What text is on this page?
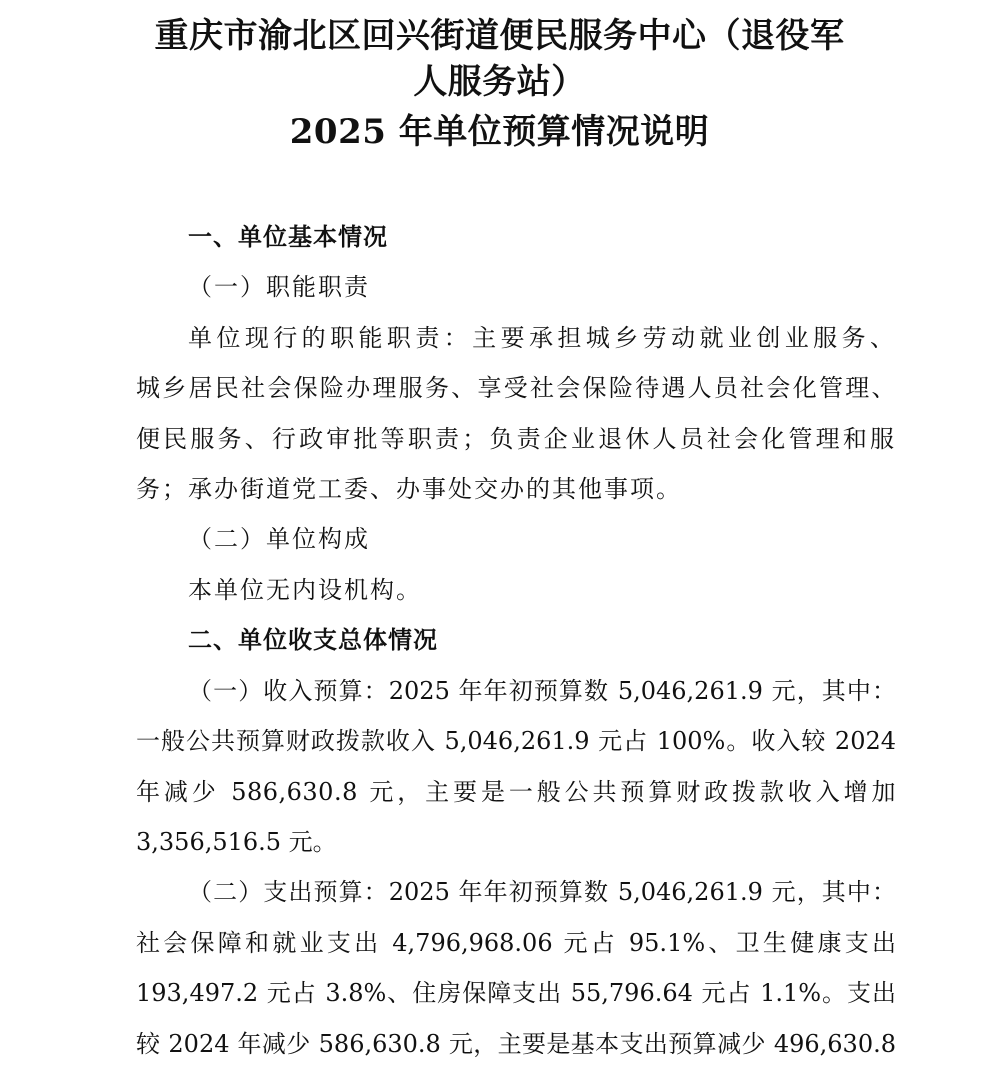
重庆市渝北区回兴街道便民服务中心（退役军
人服务站）
2025 年单位预算情况说明

一、单位基本情况

（一）职能职责

单位现行的职能职责：主要承担城乡劳动就业创业服务、

城乡居民社会保险办理服务、享受社会保险待遇人员社会化管理、

便民服务、行政审批等职责；负责企业退休人员社会化管理和服

务；承办街道党工委、办事处交办的其他事项。

（二）单位构成

本单位无内设机构。

二、单位收支总体情况

（一）收入预算：2025 年年初预算数 5,046,261.9 元，其中：

一般公共预算财政拨款收入 5,046,261.9 元占 100%。收入较 2024

年减少 586,630.8 元，主要是一般公共预算财政拨款收入增加

3,356,516.5 元。

（二）支出预算：2025 年年初预算数 5,046,261.9 元，其中：

社会保障和就业支出 4,796,968.06 元占 95.1%、卫生健康支出

193,497.2 元占 3.8%、住房保障支出 55,796.64 元占 1.1%。支出

较 2024 年减少 586,630.8 元，主要是基本支出预算减少 496,630.8
